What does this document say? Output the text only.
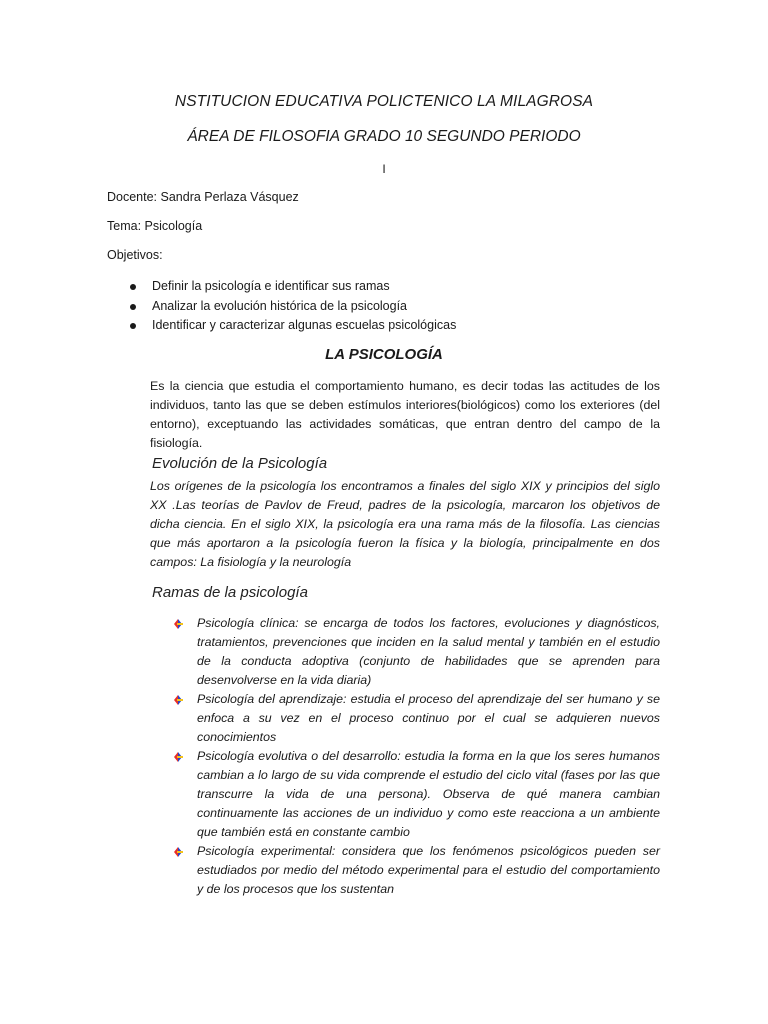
NSTITUCION EDUCATIVA POLICTENICO LA MILAGROSA
ÁREA DE FILOSOFIA GRADO 10 SEGUNDO PERIODO
I
Docente: Sandra Perlaza Vásquez
Tema: Psicología
Objetivos:
Definir la psicología e identificar sus ramas
Analizar la evolución histórica de la psicología
Identificar y caracterizar algunas escuelas psicológicas
LA PSICOLOGÍA
Es la ciencia que estudia el comportamiento humano, es decir todas las actitudes de los individuos, tanto las que se deben estímulos interiores(biológicos) como los exteriores (del entorno), exceptuando las actividades somáticas, que entran dentro del campo de la fisiología.
Evolución de la Psicología
Los orígenes de la psicología los encontramos a finales del siglo XIX y principios del siglo XX .Las teorías de Pavlov de Freud, padres de la psicología, marcaron los objetivos de dicha ciencia. En el siglo XIX, la psicología era una rama más de la filosofía. Las ciencias que más aportaron a la psicología fueron la física y la biología, principalmente en dos campos: La fisiología y la neurología
Ramas de la psicología
Psicología clínica: se encarga de todos los factores, evoluciones y diagnósticos, tratamientos, prevenciones que inciden en la salud mental y también en el estudio de la conducta adoptiva (conjunto de habilidades que se aprenden para desenvolverse en la vida diaria)
Psicología del aprendizaje: estudia el proceso del aprendizaje del ser humano y se enfoca a su vez en el proceso continuo por el cual se adquieren nuevos conocimientos
Psicología evolutiva o del desarrollo: estudia la forma en la que los seres humanos cambian a lo largo de su vida comprende el estudio del ciclo vital (fases por las que transcurre la vida de una persona). Observa de qué manera cambian continuamente las acciones de un individuo y como este reacciona a un ambiente que también está en constante cambio
Psicología experimental: considera que los fenómenos psicológicos pueden ser estudiados por medio del método experimental para el estudio del comportamiento y de los procesos que los sustentan
